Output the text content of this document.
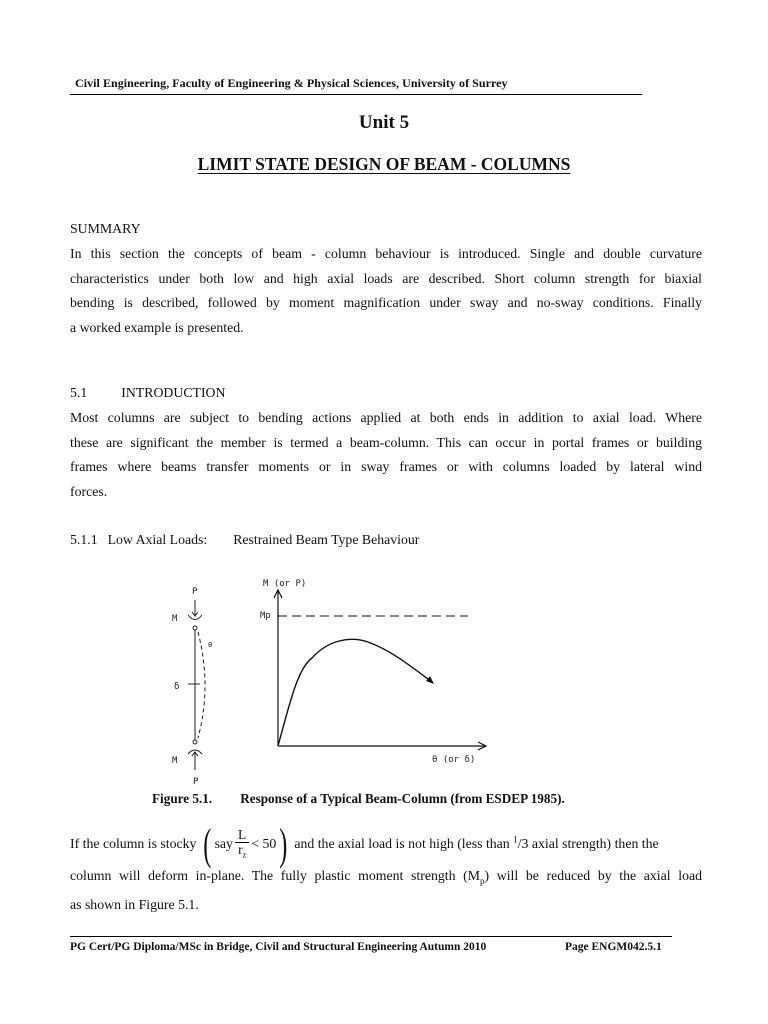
Civil Engineering, Faculty of Engineering & Physical Sciences, University of Surrey
Unit 5
LIMIT STATE DESIGN OF BEAM - COLUMNS
SUMMARY

In this section the concepts of beam - column behaviour is introduced. Single and double curvature

characteristics under both low and high axial loads are described. Short column strength for biaxial

bending is described, followed by moment magnification under sway and no-sway conditions. Finally

a worked example is presented.

5.1 INTRODUCTION

Most columns are subject to bending actions applied at both ends in addition to axial load. Where

these are significant the member is termed a beam-column. This can occur in portal frames or building

frames where beams transfer moments or in sway frames or with columns loaded by lateral wind

forces.

5.1.1 Low Axial Loads: Restrained Beam Type Behaviour
P
M
δ
θ
M
P
M (or P)
Mp
θ (or δ)
Figure 5.1. Response of a Typical Beam-Column (from ESDEP 1985).
If the column is stocky ( say $\frac{L}{r_z} < 50$) and the axial load is not high (less than $^1$/3 axial strength) then the

column will deform in-plane. The fully plastic moment strength $(M_p)$ will be reduced by the axial load

as shown in Figure 5.1.

PG Cert/PG Diploma/MSc in Bridge, Civil and Structural Engineering Autumn 2010	Page ENGM042.5.1
